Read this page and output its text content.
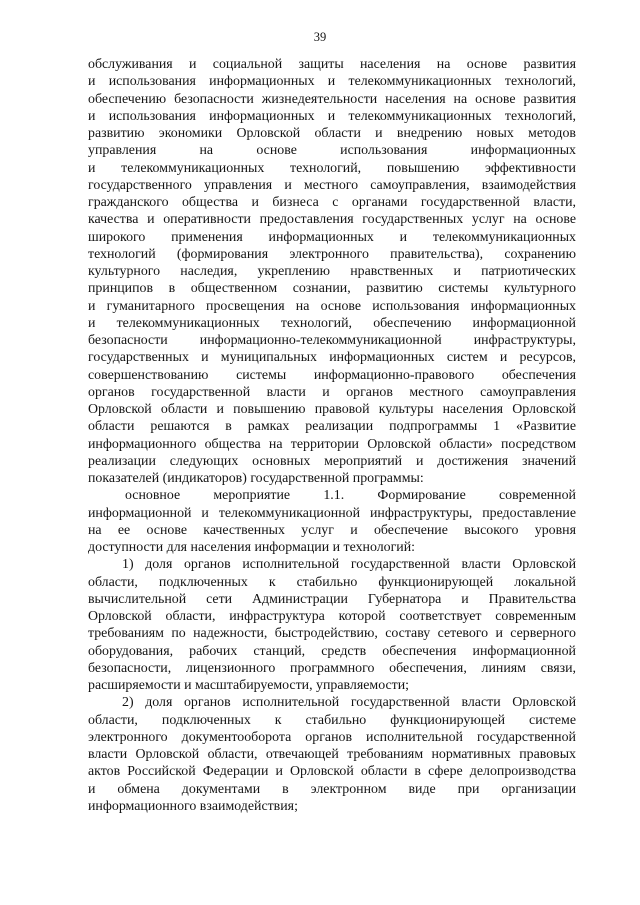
39

обслуживания и социальной защиты населения на основе развития

и использования информационных и телекоммуникационных технологий,

обеспечению безопасности жизнедеятельности населения на основе развития

и использования информационных и телекоммуникационных технологий,

развитию экономики Орловской области и внедрению новых методов

управления на основе использования информационных

и телекоммуникационных технологий, повышению эффективности

государственного управления и местного самоуправления, взаимодействия

гражданского общества и бизнеса с органами государственной власти,

качества и оперативности предоставления государственных услуг на основе

широкого применения информационных и телекоммуникационных

технологий (формирования электронного правительства), сохранению

культурного наследия, укреплению нравственных и патриотических

принципов в общественном сознании, развитию системы культурного

и гуманитарного просвещения на основе использования информационных

и телекоммуникационных технологий, обеспечению информационной

безопасности информационно-телекоммуникационной инфраструктуры,

государственных и муниципальных информационных систем и ресурсов,

совершенствованию системы информационно-правового обеспечения

органов государственной власти и органов местного самоуправления

Орловской области и повышению правовой культуры населения Орловской

области решаются в рамках реализации подпрограммы 1 «Развитие

информационного общества на территории Орловской области» посредством

реализации следующих основных мероприятий и достижения значений

показателей (индикаторов) государственной программы:

основное мероприятие 1.1. Формирование современной

информационной и телекоммуникационной инфраструктуры, предоставление

на ее основе качественных услуг и обеспечение высокого уровня

доступности для населения информации и технологий:

1) доля органов исполнительной государственной власти Орловской

области, подключенных к стабильно функционирующей локальной

вычислительной сети Администрации Губернатора и Правительства

Орловской области, инфраструктура которой соответствует современным

требованиям по надежности, быстродействию, составу сетевого и серверного

оборудования, рабочих станций, средств обеспечения информационной

безопасности, лицензионного программного обеспечения, линиям связи,

расширяемости и масштабируемости, управляемости;

2) доля органов исполнительной государственной власти Орловской

области, подключенных к стабильно функционирующей системе

электронного документооборота органов исполнительной государственной

власти Орловской области, отвечающей требованиям нормативных правовых

актов Российской Федерации и Орловской области в сфере делопроизводства

и обмена документами в электронном виде при организации

информационного взаимодействия;
